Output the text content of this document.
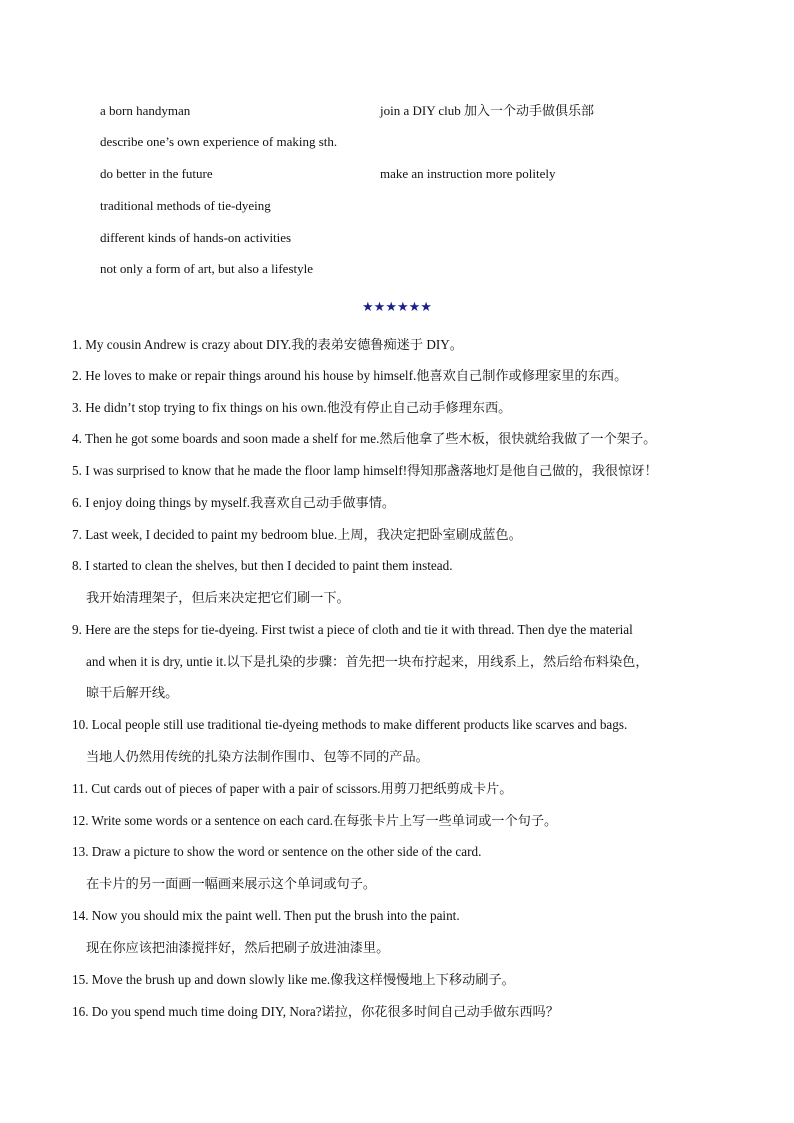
a born handyman	join a DIY club 加入一个动手做俱乐部
describe one’s own experience of making sth.
do better in the future	make an instruction more politely
traditional methods of tie-dyeing
different kinds of hands-on activities
not only a form of art, but also a lifestyle
★★★★★★
1. My cousin Andrew is crazy about DIY.我的表弟安德鲁痴迷于 DIY。
2. He loves to make or repair things around his house by himself.他喜欢自己制作或修理家里的东西。
3. He didn’t stop trying to fix things on his own.他没有停止自己动手修理东西。
4. Then he got some boards and soon made a shelf for me.然后他拿了些木板，很快就给我做了一个架子。
5. I was surprised to know that he made the floor lamp himself!得知那盏落地灯是他自己做的，我很惊讶！
6. I enjoy doing things by myself.我喜欢自己动手做事情。
7. Last week, I decided to paint my bedroom blue.上周，我决定把卧室刷成蓝色。
8. I started to clean the shelves, but then I decided to paint them instead.
我开始清理架子，但后来决定把它们刷一下。
9. Here are the steps for tie-dyeing. First twist a piece of cloth and tie it with thread. Then dye the material
and when it is dry, untie it.以下是扎染的步骤：首先把一块布拧起来，用线系上，然后给布料染色，
晾干后解开线。
10. Local people still use traditional tie-dyeing methods to make different products like scarves and bags.
当地人仍然用传统的扎染方法制作围巾、包等不同的产品。
11. Cut cards out of pieces of paper with a pair of scissors.用剪刀把纸剪成卡片。
12. Write some words or a sentence on each card.在每张卡片上写一些单词或一个句子。
13. Draw a picture to show the word or sentence on the other side of the card.
在卡片的另一面画一幅画来展示这个单词或句子。
14. Now you should mix the paint well. Then put the brush into the paint.
现在你应该把油漆搅拌好，然后把刷子放进油漆里。
15. Move the brush up and down slowly like me.像我这样慢慢地上下移动刷子。
16. Do you spend much time doing DIY, Nora?诺拉，你花很多时间自己动手做东西吗？
